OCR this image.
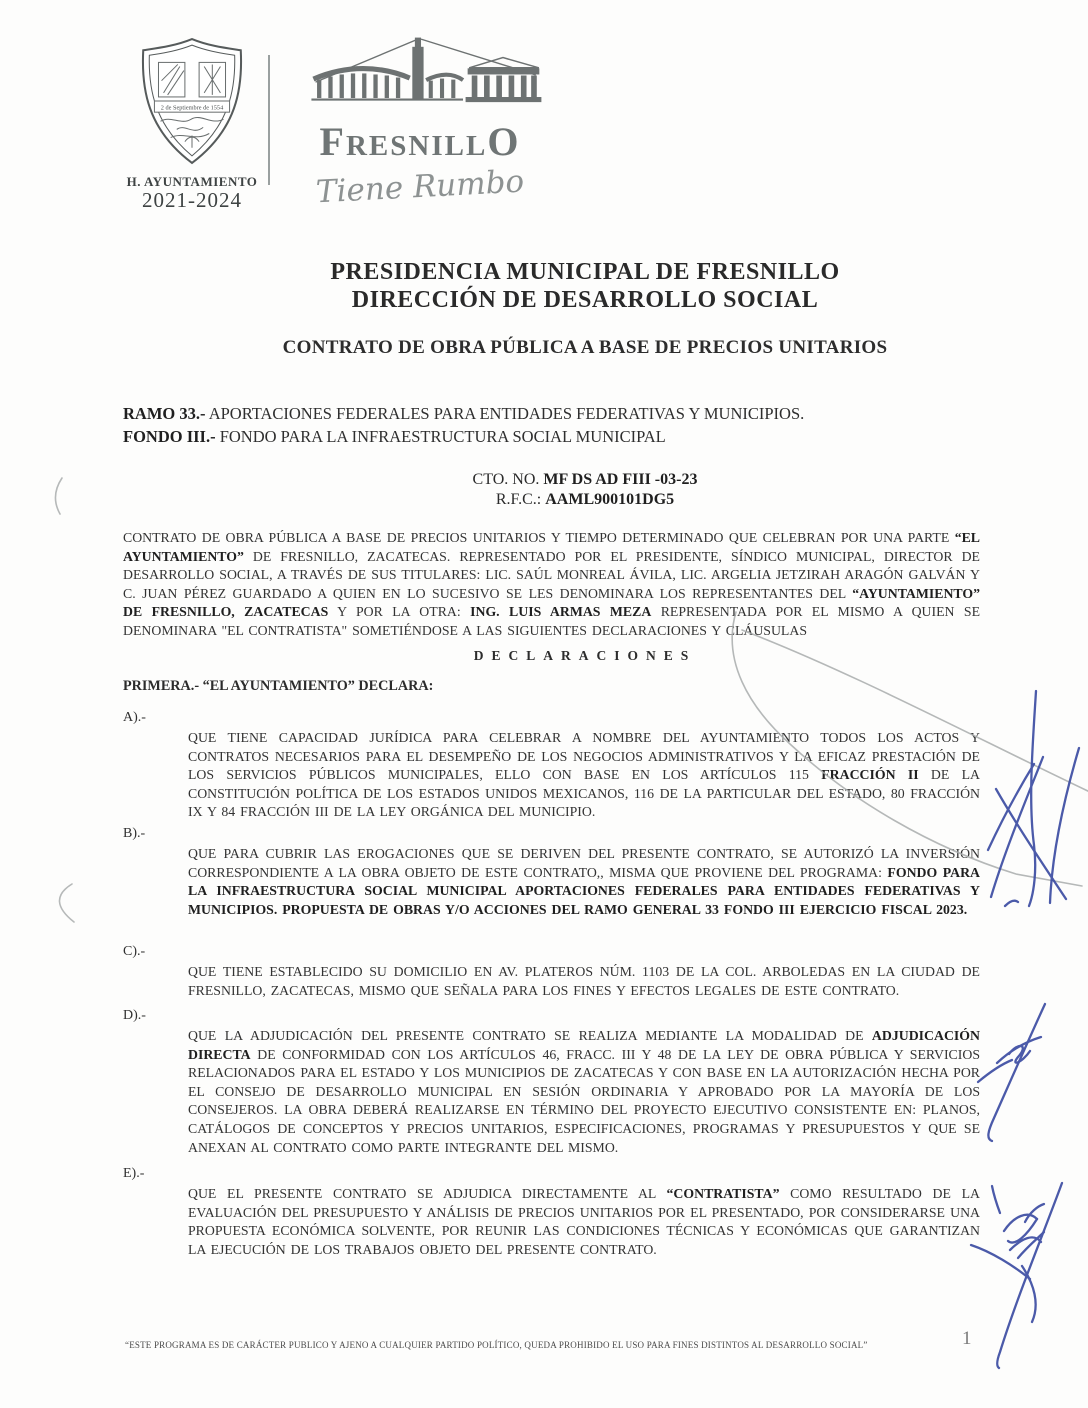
2 de Septiembre de 1554
H. AYUNTAMIENTO
2021-2024
FRESNILLO
Tiene Rumbo
PRESIDENCIA MUNICIPAL DE FRESNILLO
DIRECCIÓN DE DESARROLLO SOCIAL
CONTRATO DE OBRA PÚBLICA A BASE DE PRECIOS UNITARIOS
RAMO 33.- APORTACIONES FEDERALES PARA ENTIDADES FEDERATIVAS Y MUNICIPIOS.
FONDO III.- FONDO PARA LA INFRAESTRUCTURA SOCIAL MUNICIPAL
CTO. NO. MF DS AD FIII -03-23
R.F.C.: AAML900101DG5
CONTRATO DE OBRA PÚBLICA A BASE DE PRECIOS UNITARIOS Y TIEMPO DETERMINADO QUE CELEBRAN POR UNA PARTE “EL AYUNTAMIENTO” DE FRESNILLO, ZACATECAS. REPRESENTADO POR EL PRESIDENTE, SÍNDICO MUNICIPAL, DIRECTOR DE DESARROLLO SOCIAL, A TRAVÉS DE SUS TITULARES: LIC. SAÚL MONREAL ÁVILA, LIC. ARGELIA JETZIRAH ARAGÓN GALVÁN Y C. JUAN PÉREZ GUARDADO A QUIEN EN LO SUCESIVO SE LES DENOMINARA LOS REPRESENTANTES DEL “AYUNTAMIENTO” DE FRESNILLO, ZACATECAS Y POR LA OTRA: ING. LUIS ARMAS MEZA REPRESENTADA POR EL MISMO A QUIEN SE DENOMINARA "EL CONTRATISTA" SOMETIÉNDOSE A LAS SIGUIENTES DECLARACIONES Y CLÁUSULAS
DECLARACIONES
PRIMERA.- “EL AYUNTAMIENTO” DECLARA:
A).-
QUE TIENE CAPACIDAD JURÍDICA PARA CELEBRAR A NOMBRE DEL AYUNTAMIENTO TODOS LOS ACTOS Y CONTRATOS NECESARIOS PARA EL DESEMPEÑO DE LOS NEGOCIOS ADMINISTRATIVOS Y LA EFICAZ PRESTACIÓN DE LOS SERVICIOS PÚBLICOS MUNICIPALES, ELLO CON BASE EN LOS ARTÍCULOS 115 FRACCIÓN II DE LA CONSTITUCIÓN POLÍTICA DE LOS ESTADOS UNIDOS MEXICANOS, 116 DE LA PARTICULAR DEL ESTADO, 80 FRACCIÓN IX Y 84 FRACCIÓN III DE LA LEY ORGÁNICA DEL MUNICIPIO.
B).-
QUE PARA CUBRIR LAS EROGACIONES QUE SE DERIVEN DEL PRESENTE CONTRATO, SE AUTORIZÓ LA INVERSIÓN CORRESPONDIENTE A LA OBRA OBJETO DE ESTE CONTRATO,, MISMA QUE PROVIENE DEL PROGRAMA: FONDO PARA LA INFRAESTRUCTURA SOCIAL MUNICIPAL APORTACIONES FEDERALES PARA ENTIDADES FEDERATIVAS Y MUNICIPIOS. PROPUESTA DE OBRAS Y/O ACCIONES DEL RAMO GENERAL 33 FONDO III EJERCICIO FISCAL 2023.
C).-
QUE TIENE ESTABLECIDO SU DOMICILIO EN AV. PLATEROS NÚM. 1103 DE LA COL. ARBOLEDAS EN LA CIUDAD DE FRESNILLO, ZACATECAS, MISMO QUE SEÑALA PARA LOS FINES Y EFECTOS LEGALES DE ESTE CONTRATO.
D).-
QUE LA ADJUDICACIÓN DEL PRESENTE CONTRATO SE REALIZA MEDIANTE LA MODALIDAD DE ADJUDICACIÓN DIRECTA DE CONFORMIDAD CON LOS ARTÍCULOS 46, FRACC. III Y 48 DE LA LEY DE OBRA PÚBLICA Y SERVICIOS RELACIONADOS PARA EL ESTADO Y LOS MUNICIPIOS DE ZACATECAS Y CON BASE EN LA AUTORIZACIÓN HECHA POR EL CONSEJO DE DESARROLLO MUNICIPAL EN SESIÓN ORDINARIA Y APROBADO POR LA MAYORÍA DE LOS CONSEJEROS. LA OBRA DEBERÁ REALIZARSE EN TÉRMINO DEL PROYECTO EJECUTIVO CONSISTENTE EN: PLANOS, CATÁLOGOS DE CONCEPTOS Y PRECIOS UNITARIOS, ESPECIFICACIONES, PROGRAMAS Y PRESUPUESTOS Y QUE SE ANEXAN AL CONTRATO COMO PARTE INTEGRANTE DEL MISMO.
E).-
QUE EL PRESENTE CONTRATO SE ADJUDICA DIRECTAMENTE AL “CONTRATISTA” COMO RESULTADO DE LA EVALUACIÓN DEL PRESUPUESTO Y ANÁLISIS DE PRECIOS UNITARIOS POR EL PRESENTADO, POR CONSIDERARSE UNA PROPUESTA ECONÓMICA SOLVENTE, POR REUNIR LAS CONDICIONES TÉCNICAS Y ECONÓMICAS QUE GARANTIZAN LA EJECUCIÓN DE LOS TRABAJOS OBJETO DEL PRESENTE CONTRATO.
“ESTE PROGRAMA ES DE CARÁCTER PUBLICO Y AJENO A CUALQUIER PARTIDO POLÍTICO, QUEDA PROHIBIDO EL USO PARA FINES DISTINTOS AL DESARROLLO SOCIAL”	1
